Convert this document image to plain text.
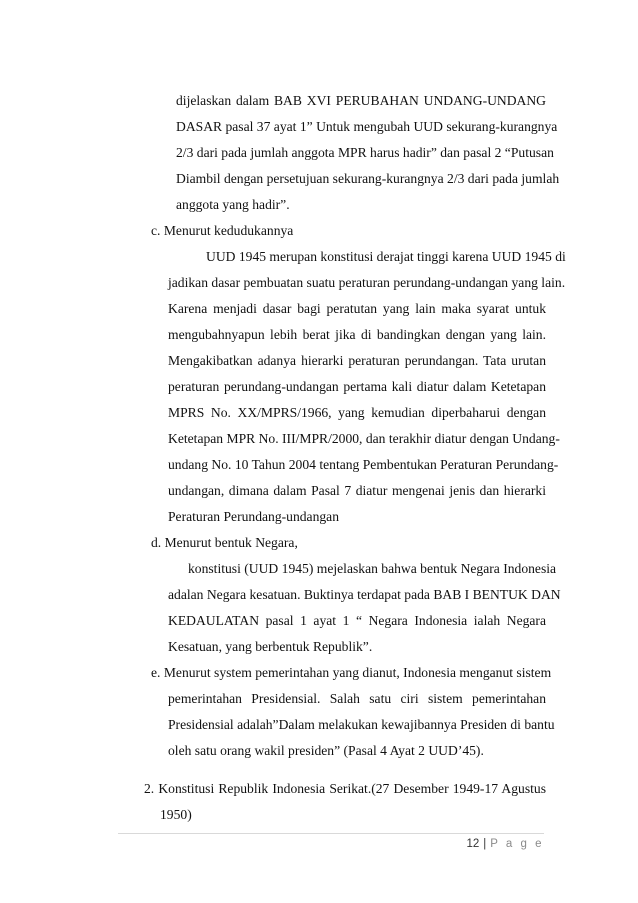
dijelaskan dalam BAB XVI PERUBAHAN UNDANG-UNDANG
DASAR pasal 37 ayat 1” Untuk mengubah UUD sekurang-kurangnya
2/3 dari pada jumlah anggota MPR harus hadir” dan pasal 2 “Putusan
Diambil dengan persetujuan sekurang-kurangnya 2/3 dari pada jumlah
anggota yang hadir”.
c. Menurut kedudukannya
UUD 1945 merupan konstitusi derajat tinggi karena UUD 1945 di
jadikan dasar pembuatan suatu peraturan perundang-undangan yang lain.
Karena menjadi dasar bagi peratutan yang lain maka syarat untuk
mengubahnyapun lebih berat jika di bandingkan dengan yang lain.
Mengakibatkan adanya hierarki peraturan perundangan. Tata urutan
peraturan perundang-undangan pertama kali diatur dalam Ketetapan
MPRS No. XX/MPRS/1966, yang kemudian diperbaharui dengan
Ketetapan MPR No. III/MPR/2000, dan terakhir diatur dengan Undang-
undang No. 10 Tahun 2004 tentang Pembentukan Peraturan Perundang-
undangan, dimana dalam Pasal 7 diatur mengenai jenis dan hierarki
Peraturan Perundang-undangan
d. Menurut bentuk Negara,
konstitusi (UUD 1945) mejelaskan bahwa bentuk Negara Indonesia
adalan Negara kesatuan. Buktinya terdapat pada BAB I BENTUK DAN
KEDAULATAN pasal 1 ayat 1 “ Negara Indonesia ialah Negara
Kesatuan, yang berbentuk Republik”.
e. Menurut system pemerintahan yang dianut, Indonesia menganut sistem
pemerintahan Presidensial. Salah satu ciri sistem pemerintahan
Presidensial adalah”Dalam melakukan kewajibannya Presiden di bantu
oleh satu orang wakil presiden” (Pasal 4 Ayat 2 UUD’45).
2. Konstitusi Republik Indonesia Serikat.(27 Desember 1949-17 Agustus
1950)
12 | P a g e
